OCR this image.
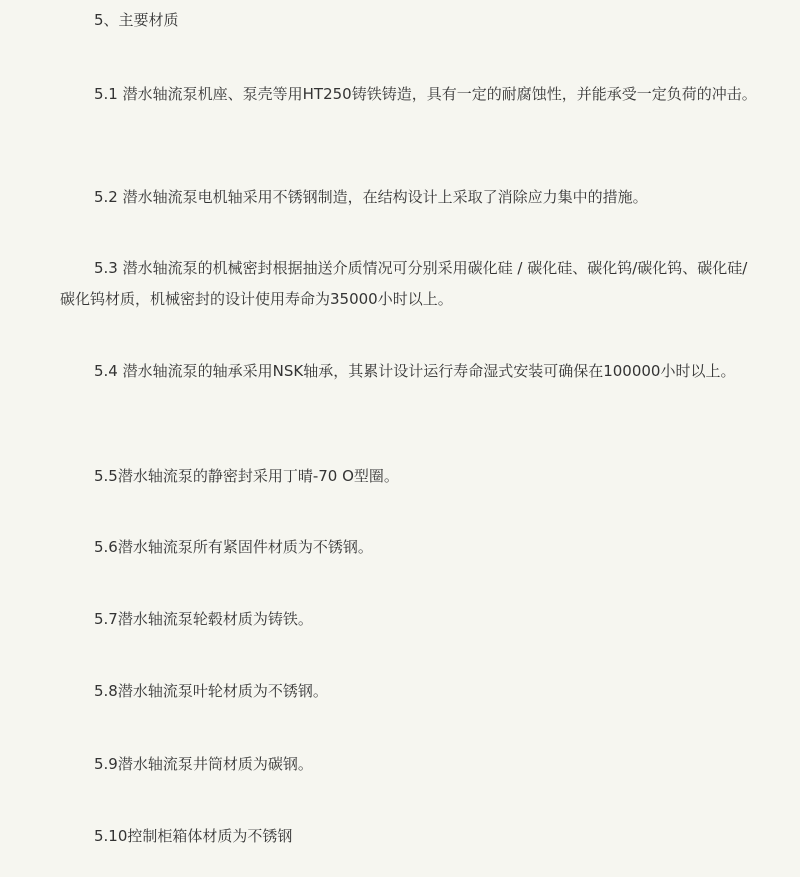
5、主要材质

5.1 潜水轴流泵机座、泵壳等用HT250铸铁铸造，具有一定的耐腐蚀性，并能承受一定负荷的冲击。

5.2 潜水轴流泵电机轴采用不锈钢制造，在结构设计上采取了消除应力集中的措施。

5.3 潜水轴流泵的机械密封根据抽送介质情况可分别采用碳化硅 / 碳化硅、碳化钨/碳化钨、碳化硅/碳化钨材质，机械密封的设计使用寿命为35000小时以上。

5.4 潜水轴流泵的轴承采用NSK轴承，其累计设计运行寿命湿式安装可确保在100000小时以上。

5.5潜水轴流泵的静密封采用丁晴-70 O型圈。

5.6潜水轴流泵所有紧固件材质为不锈钢。

5.7潜水轴流泵轮毂材质为铸铁。

5.8潜水轴流泵叶轮材质为不锈钢。

5.9潜水轴流泵井筒材质为碳钢。

5.10控制柜箱体材质为不锈钢
